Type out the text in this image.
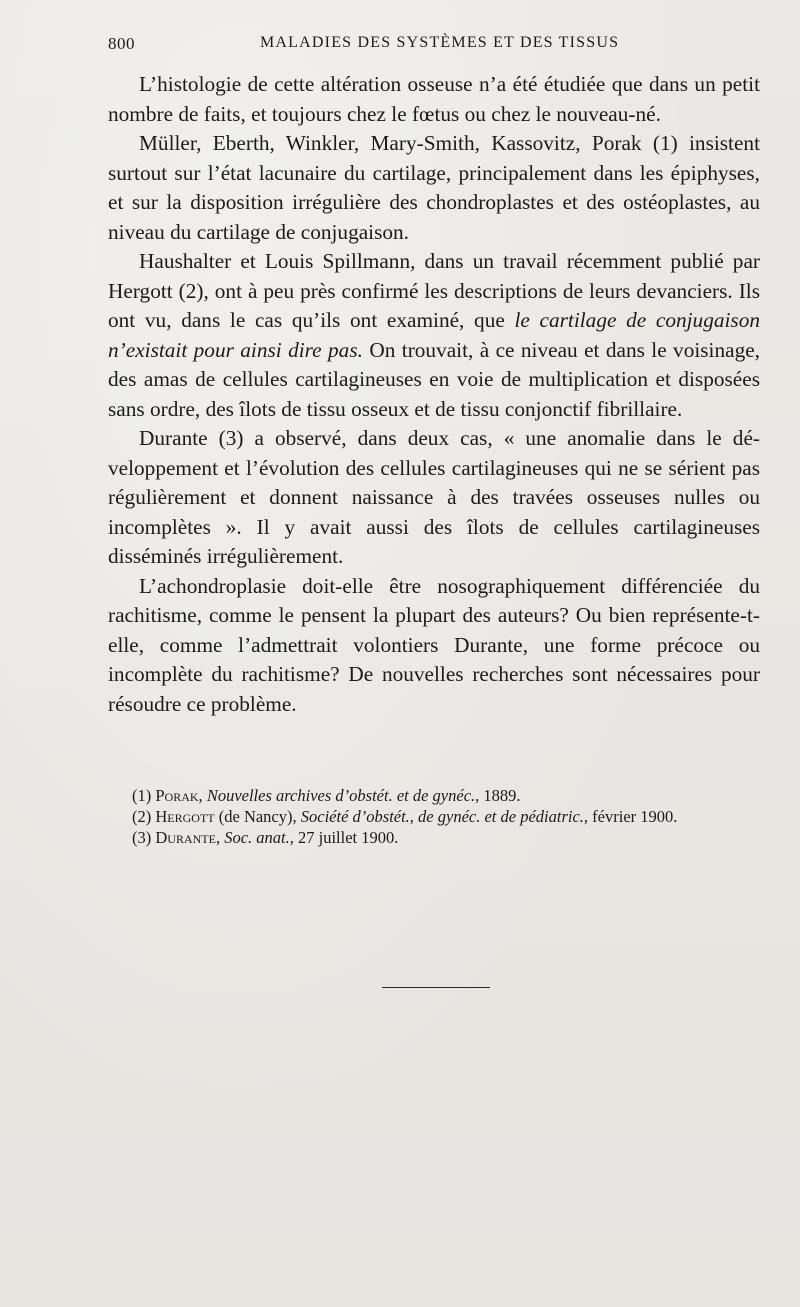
800	MALADIES DES SYSTÈMES ET DES TISSUS

L’histologie de cette altération osseuse n’a été étudiée que dans un petit nombre de faits, et toujours chez le fœtus ou chez le nouveau-né.

Müller, Eberth, Winkler, Mary-Smith, Kassovitz, Porak (1) insistent surtout sur l’état lacunaire du cartilage, principalement dans les épiphyses, et sur la disposition irrégulière des chondroplastes et des ostéoplastes, au niveau du cartilage de conjugaison.

Haushalter et Louis Spillmann, dans un travail récemment publié par Hergott (2), ont à peu près confirmé les descriptions de leurs devanciers. Ils ont vu, dans le cas qu’ils ont examiné, que le cartilage de conjugaison n’existait pour ainsi dire pas. On trouvait, à ce niveau et dans le voisinage, des amas de cellules cartilagineuses en voie de multiplication et disposées sans ordre, des îlots de tissu osseux et de tissu conjonctif fibrillaire.

Durante (3) a observé, dans deux cas, « une anomalie dans le développement et l’évolution des cellules cartilagineuses qui ne se sérient pas régulièrement et donnent naissance à des travées osseuses nulles ou incomplètes ». Il y avait aussi des îlots de cellules cartilagineuses disséminés irrégulièrement.

L’achondroplasie doit-elle être nosographiquement différenciée du rachitisme, comme le pensent la plupart des auteurs? Ou bien représente-t-elle, comme l’admettrait volontiers Durante, une forme précoce ou incomplète du rachitisme? De nouvelles recherches sont nécessaires pour résoudre ce problème.

(1) Porak, Nouvelles archives d’obstét. et de gynéc., 1889.
(2) Hergott (de Nancy), Société d’obstét., de gynéc. et de pédiatric., février 1900.
(3) Durante, Soc. anat., 27 juillet 1900.
